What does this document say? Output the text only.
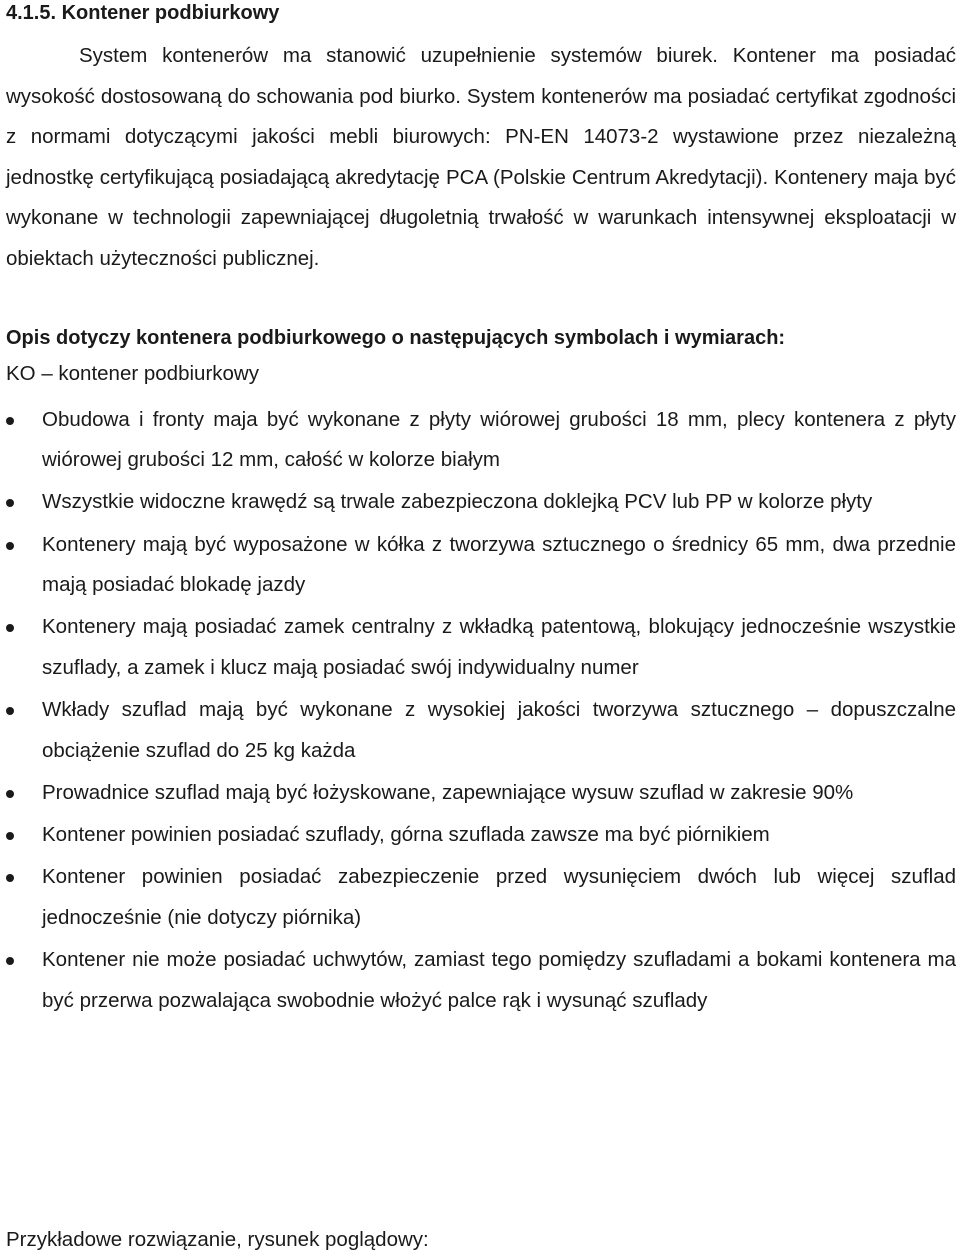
4.1.5. Kontener podbiurkowy

System kontenerów ma stanowić uzupełnienie systemów biurek. Kontener ma posiadać wysokość dostosowaną do schowania pod biurko. System kontenerów ma posiadać certyfikat zgodności z normami dotyczącymi jakości mebli biurowych: PN-EN 14073-2 wystawione przez niezależną jednostkę certyfikującą posiadającą akredytację PCA (Polskie Centrum Akredytacji). Kontenery maja być wykonane w technologii zapewniającej długoletnią trwałość w warunkach intensywnej eksploatacji w obiektach użyteczności publicznej.

Opis dotyczy kontenera podbiurkowego o następujących symbolach i wymiarach:

KO – kontener podbiurkowy

Obudowa i fronty maja być wykonane z płyty wiórowej grubości 18 mm, plecy kontenera z płyty wiórowej grubości 12 mm, całość w kolorze białym
Wszystkie widoczne krawędź są trwale zabezpieczona doklejką PCV lub PP w kolorze płyty
Kontenery mają być wyposażone w kółka z tworzywa sztucznego o średnicy 65 mm, dwa przednie mają posiadać blokadę jazdy
Kontenery mają posiadać zamek centralny z wkładką patentową, blokujący jednocześnie wszystkie szuflady, a zamek i klucz mają posiadać swój indywidualny numer
Wkłady szuflad mają być wykonane z wysokiej jakości tworzywa sztucznego – dopuszczalne obciążenie szuflad do 25 kg każda
Prowadnice szuflad mają być łożyskowane, zapewniające wysuw szuflad w zakresie 90%
Kontener powinien posiadać szuflady, górna szuflada zawsze ma być piórnikiem
Kontener powinien posiadać zabezpieczenie przed wysunięciem dwóch lub więcej szuflad jednocześnie (nie dotyczy piórnika)
Kontener nie może posiadać uchwytów, zamiast tego pomiędzy szufladami a bokami kontenera ma być przerwa pozwalająca swobodnie włożyć palce rąk i wysunąć szuflady

Przykładowe rozwiązanie, rysunek poglądowy:
